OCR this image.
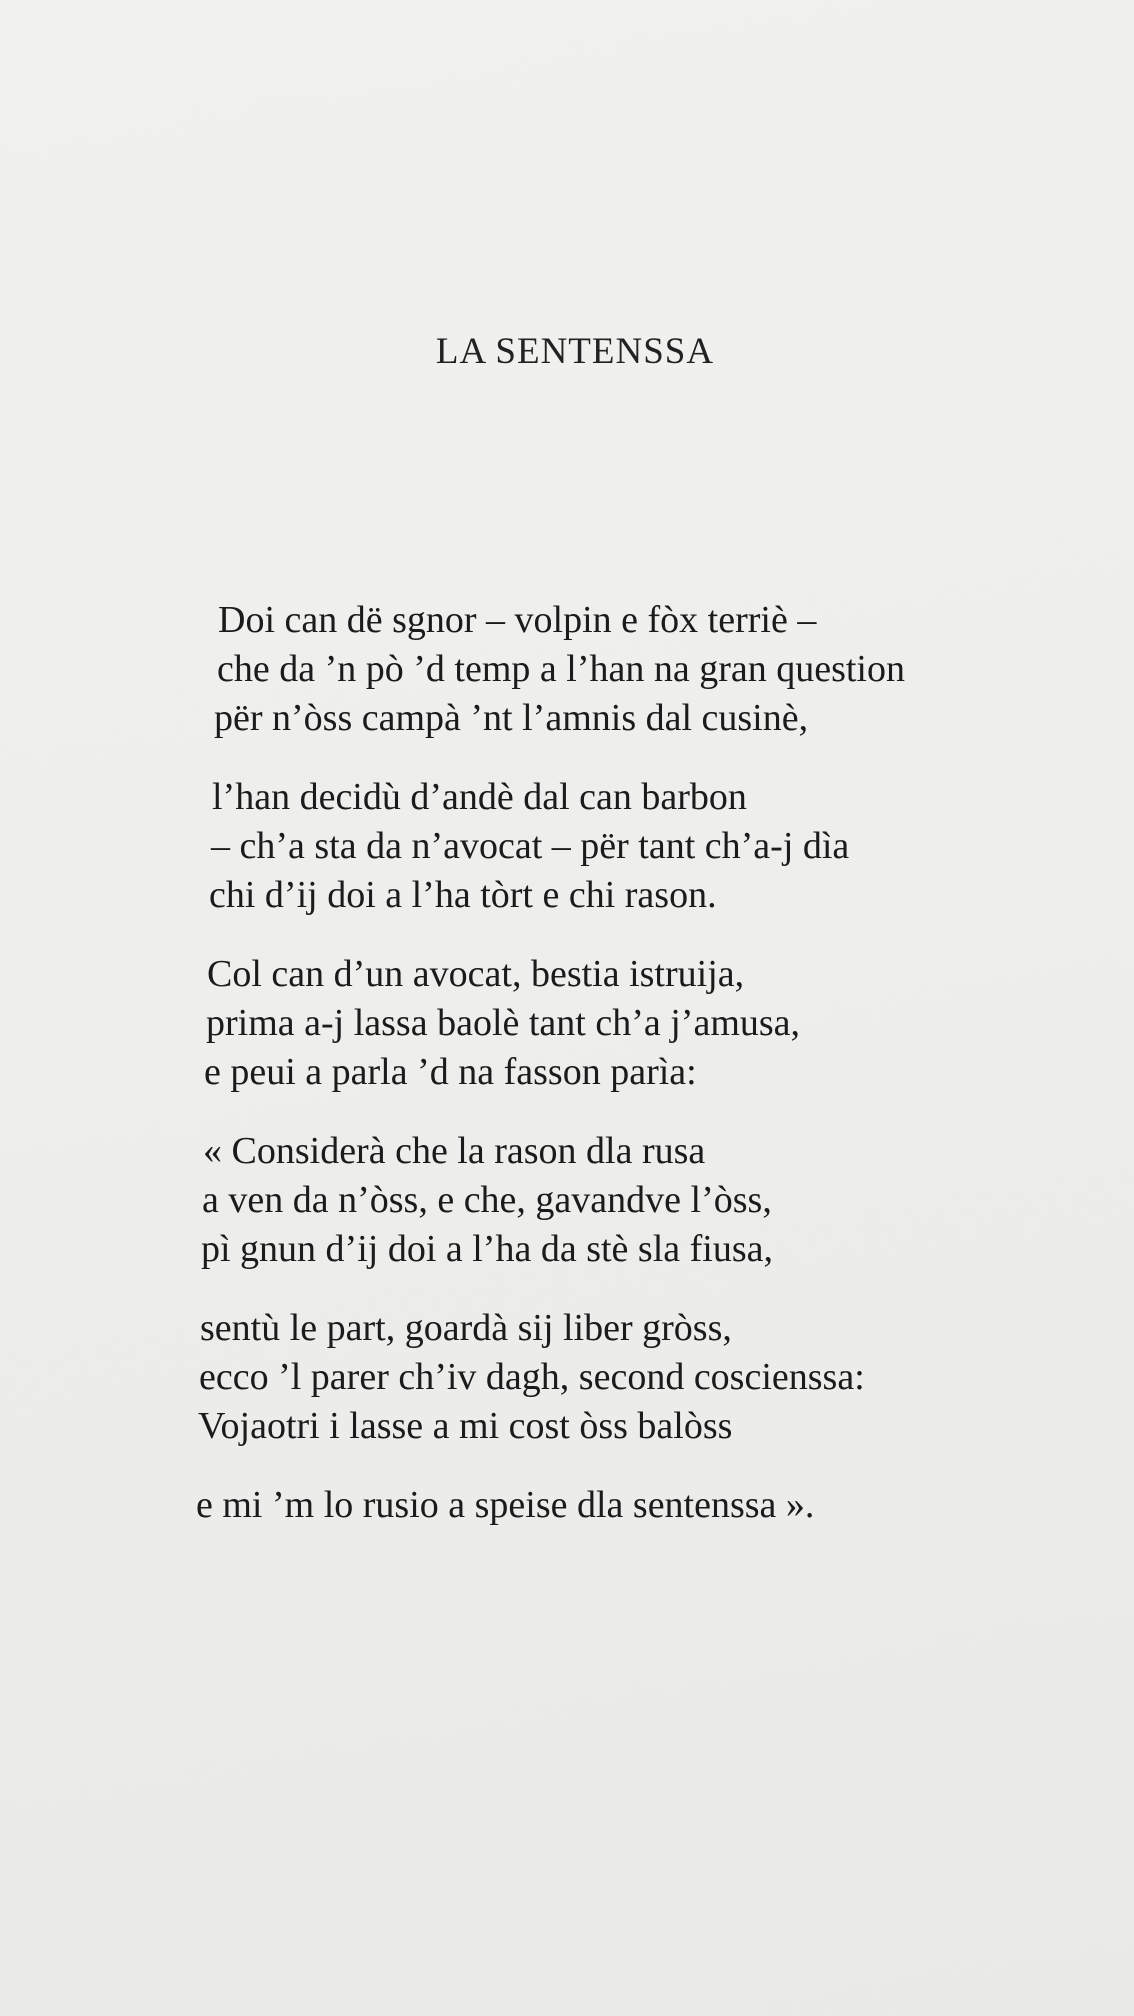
LA SENTENSSA
Doi can dë sgnor – volpin e fòx terriè –
che da ’n pò ’d temp a l’han na gran question
për n’òss campà ’nt l’amnis dal cusinè,
l’han decidù d’andè dal can barbon
– ch’a sta da n’avocat – për tant ch’a-j dìa
chi d’ij doi a l’ha tòrt e chi rason.
Col can d’un avocat, bestia istruija,
prima a-j lassa baolè tant ch’a j’amusa,
e peui a parla ’d na fasson parìa:
« Considerà che la rason dla rusa
a ven da n’òss, e che, gavandve l’òss,
pì gnun d’ij doi a l’ha da stè sla fiusa,
sentù le part, goardà sij liber gròss,
ecco ’l parer ch’iv dagh, second coscienssa:
Vojaotri i lasse a mi cost òss balòss
e mi ’m lo rusio a speise dla sentenssa ».
